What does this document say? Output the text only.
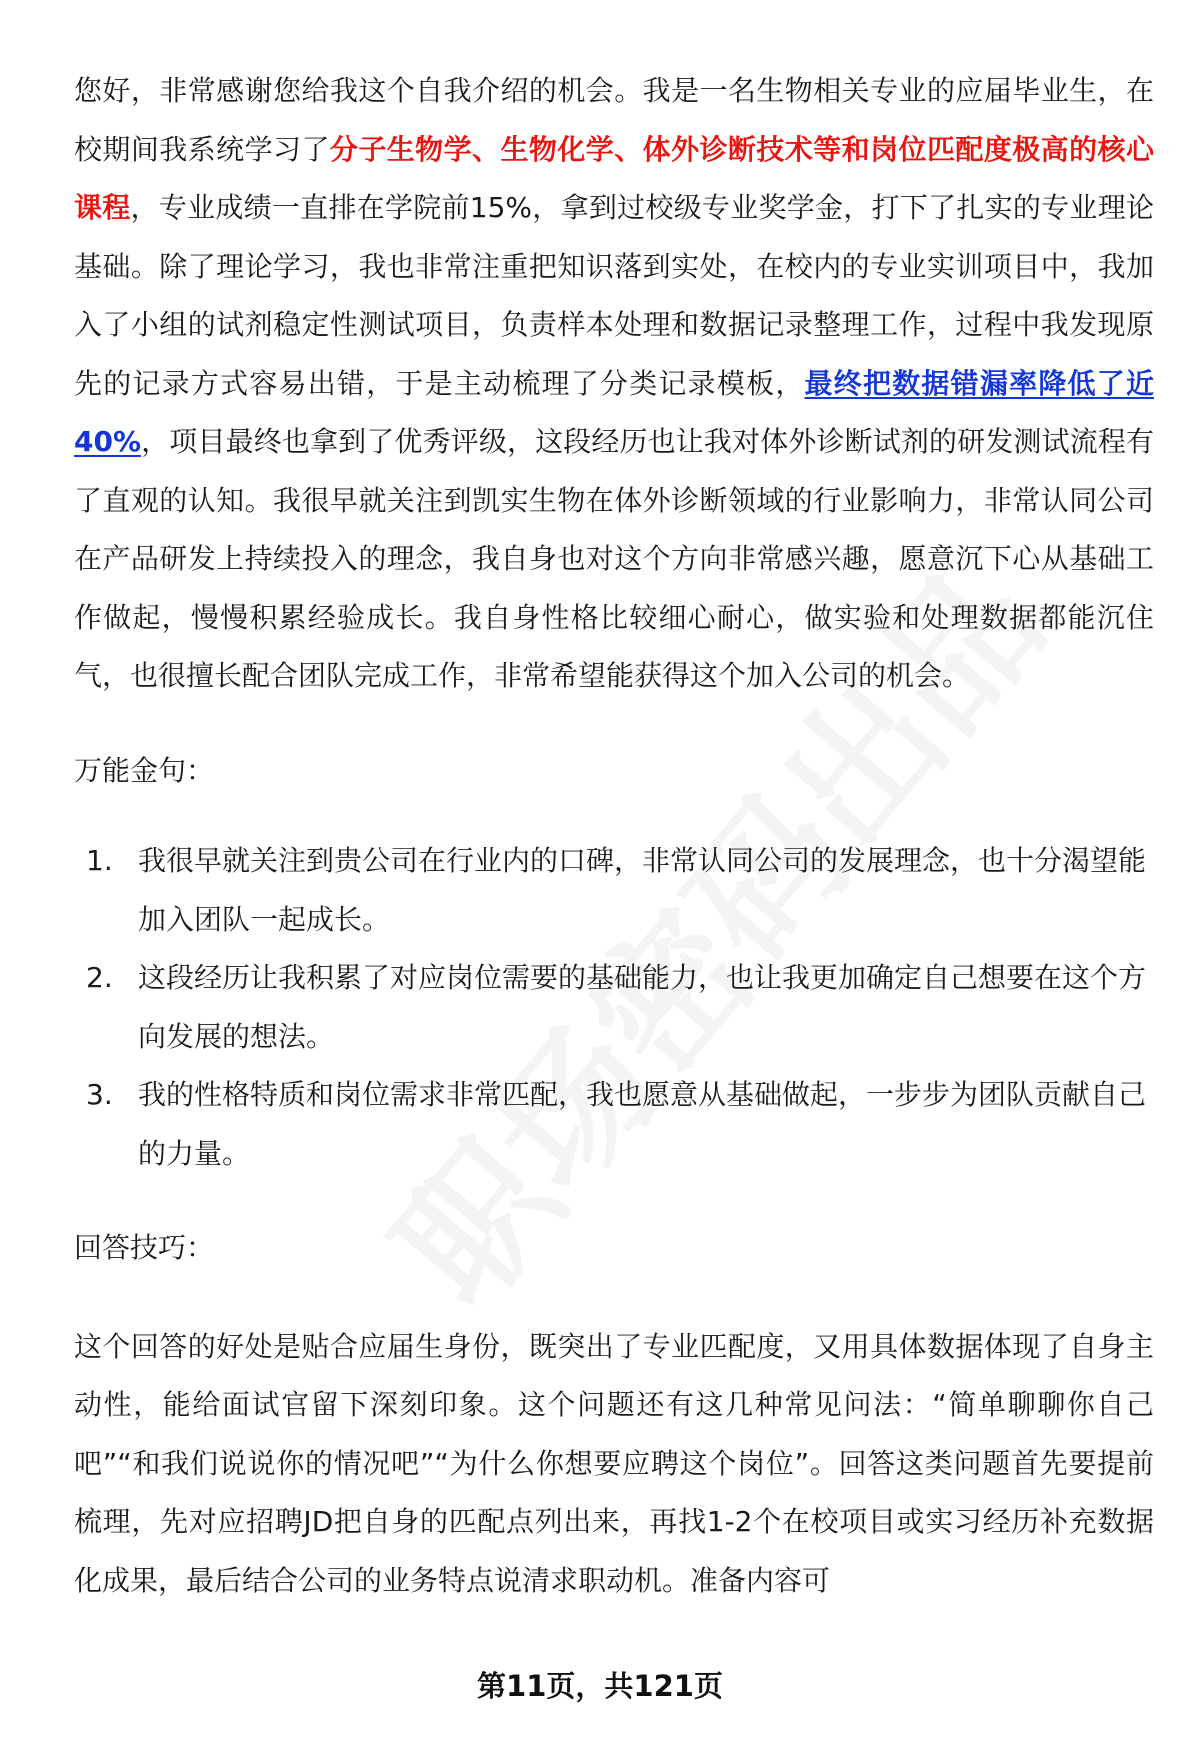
您好，非常感谢您给我这个自我介绍的机会。我是一名生物相关专业的应届毕业生，在校期间我系统学习了分子生物学、生物化学、体外诊断技术等和岗位匹配度极高的核心课程，专业成绩一直排在学院前15%，拿到过校级专业奖学金，打下了扎实的专业理论基础。除了理论学习，我也非常注重把知识落到实处，在校内的专业实训项目中，我加入了小组的试剂稳定性测试项目，负责样本处理和数据记录整理工作，过程中我发现原先的记录方式容易出错，于是主动梳理了分类记录模板，最终把数据错漏率降低了近40%，项目最终也拿到了优秀评级，这段经历也让我对体外诊断试剂的研发测试流程有了直观的认知。我很早就关注到凯实生物在体外诊断领域的行业影响力，非常认同公司在产品研发上持续投入的理念，我自身也对这个方向非常感兴趣，愿意沉下心从基础工作做起，慢慢积累经验成长。我自身性格比较细心耐心，做实验和处理数据都能沉住气，也很擅长配合团队完成工作，非常希望能获得这个加入公司的机会。

万能金句：

1. 我很早就关注到贵公司在行业内的口碑，非常认同公司的发展理念，也十分渴望能加入团队一起成长。
2. 这段经历让我积累了对应岗位需要的基础能力，也让我更加确定自己想要在这个方向发展的想法。
3. 我的性格特质和岗位需求非常匹配，我也愿意从基础做起，一步步为团队贡献自己的力量。

回答技巧：

这个回答的好处是贴合应届生身份，既突出了专业匹配度，又用具体数据体现了自身主动性，能给面试官留下深刻印象。这个问题还有这几种常见问法：“简单聊聊你自己吧”“和我们说说你的情况吧”“为什么你想要应聘这个岗位”。回答这类问题首先要提前梳理，先对应招聘JD把自身的匹配点列出来，再找1-2个在校项目或实习经历补充数据化成果，最后结合公司的业务特点说清求职动机。准备内容可

第11页，共121页
